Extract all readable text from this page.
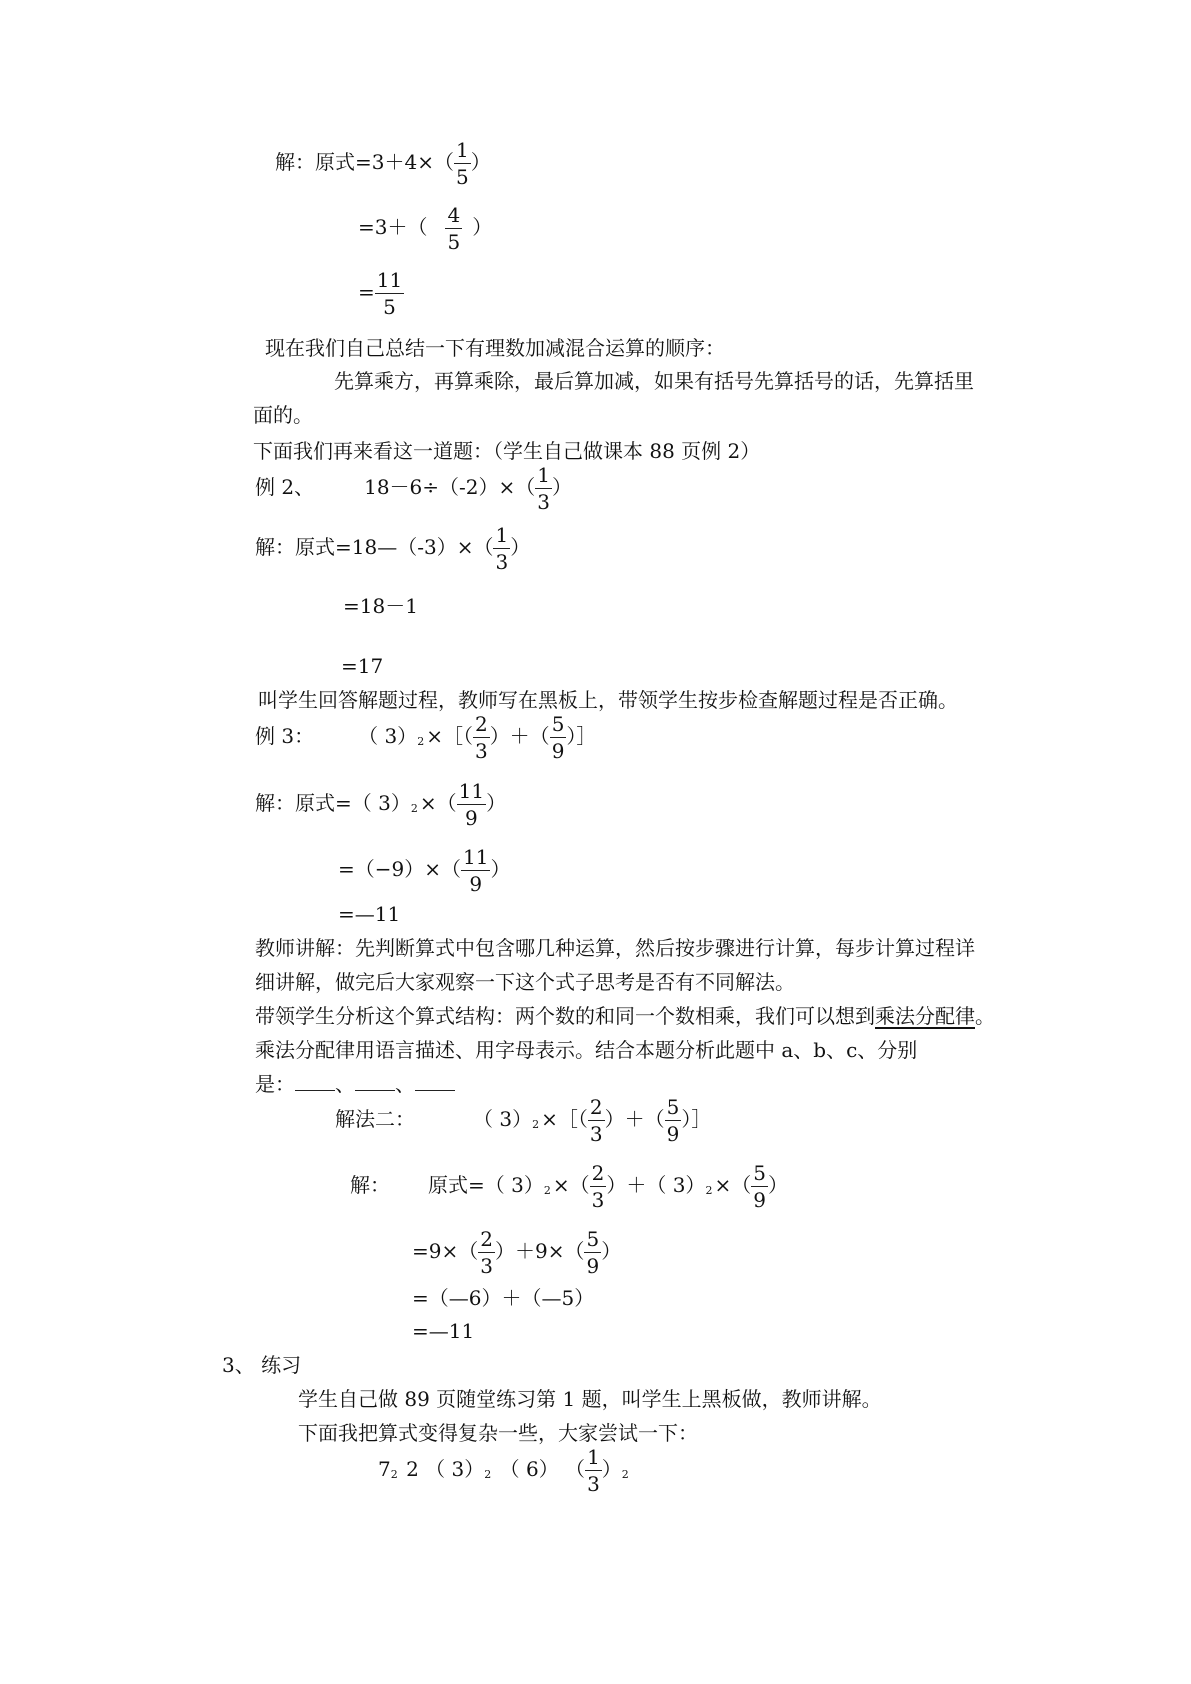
解：原式$=3+4\times( \frac{1}{5}$ ）
$=3+( \frac{4}{5}$ ）
= $\frac{11}{5}$
现在我们自己总结一下有理数加减混合运算的顺序：
先算乘方，再算乘除，最后算加减，如果有括号先算括号的话，先算括里
面的。
下面我们再来看这一道题：（学生自己做课本 88 页例 2）
例 2、	$18-6\div(-2)\times( \frac{1}{3}$ ）
解：原式=18—（-3）×（ $\frac{1}{3}$ ）
=18－1
=17
叫学生回答解题过程，教师写在黑板上，带领学生按步检查解题过程是否正确。
例 3：	（ 3）2 ×［（ $\frac{2}{3}$ ）＋（ $\frac{5}{9}$ ）］
解：原式=（ 3）2 ×（ $\frac{11}{9}$ ）
$=(-9)\times( \frac{11}{9}$ ）
=—11
教师讲解：先判断算式中包含哪几种运算，然后按步骤进行计算，每步计算过程详
细讲解，做完后大家观察一下这个式子思考是否有不同解法。
带领学生分析这个算式结构：两个数的和同一个数相乘，我们可以想到乘法分配律。
乘法分配律用语言描述、用字母表示。结合本题分析此题中 a、b、c、分别
是： 、 、
解法二：	（ 3）2 ×［（ $\frac{2}{3}$ ）＋（ $\frac{5}{9}$ ）］
解： 原式=（ 3）2 ×（ $\frac{2}{3}$ ）＋（ 3）2 ×（ $\frac{5}{9}$ ）
$=9\times( \frac{2}{3} )+9\times( \frac{5}{9}$ ）
=（—6）＋（—5）
=—11
3、 练习
学生自己做 89 页随堂练习第 1 题，叫学生上黑板做，教师讲解。
下面我把算式变得复杂一些，大家尝试一下：
72 2 （ 3）2 （ 6） （ $\frac{1}{3} )2$
